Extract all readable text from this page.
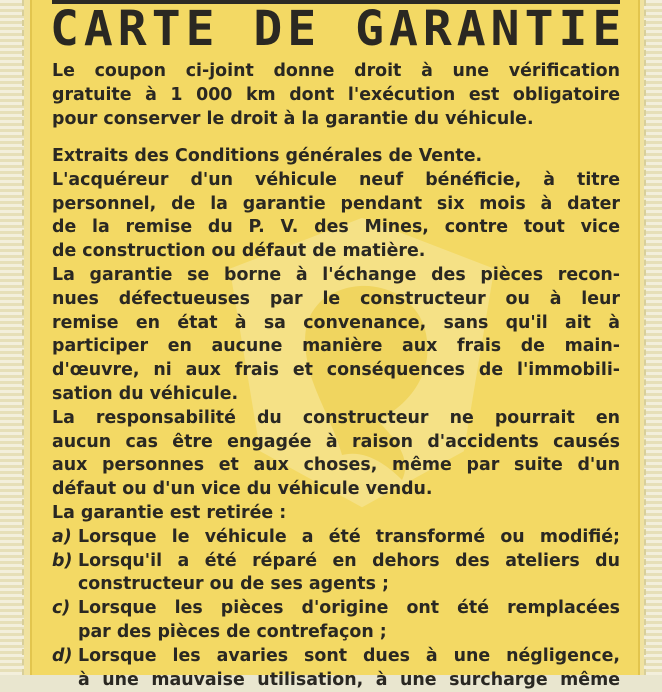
CARTE DE GARANTIE
Le coupon ci-joint donne droit à une vérification
gratuite à 1 000 km dont l'exécution est obligatoire
pour conserver le droit à la garantie du véhicule.
Extraits des Conditions générales de Vente.
L'acquéreur d'un véhicule neuf bénéficie, à titre
personnel, de la garantie pendant six mois à dater
de la remise du P. V. des Mines, contre tout vice
de construction ou défaut de matière.
La garantie se borne à l'échange des pièces recon-
nues défectueuses par le constructeur ou à leur
remise en état à sa convenance, sans qu'il ait à
participer en aucune manière aux frais de main-
d'œuvre, ni aux frais et conséquences de l'immobili-
sation du véhicule.
La responsabilité du constructeur ne pourrait en
aucun cas être engagée à raison d'accidents causés
aux personnes et aux choses, même par suite d'un
défaut ou d'un vice du véhicule vendu.
La garantie est retirée :
a) Lorsque le véhicule a été transformé ou modifié;
b) Lorsqu'il a été réparé en dehors des ateliers du
constructeur ou de ses agents ;
c) Lorsque les pièces d'origine ont été remplacées
par des pièces de contrefaçon ;
d) Lorsque les avaries sont dues à une négligence,
à une mauvaise utilisation, à une surcharge même
